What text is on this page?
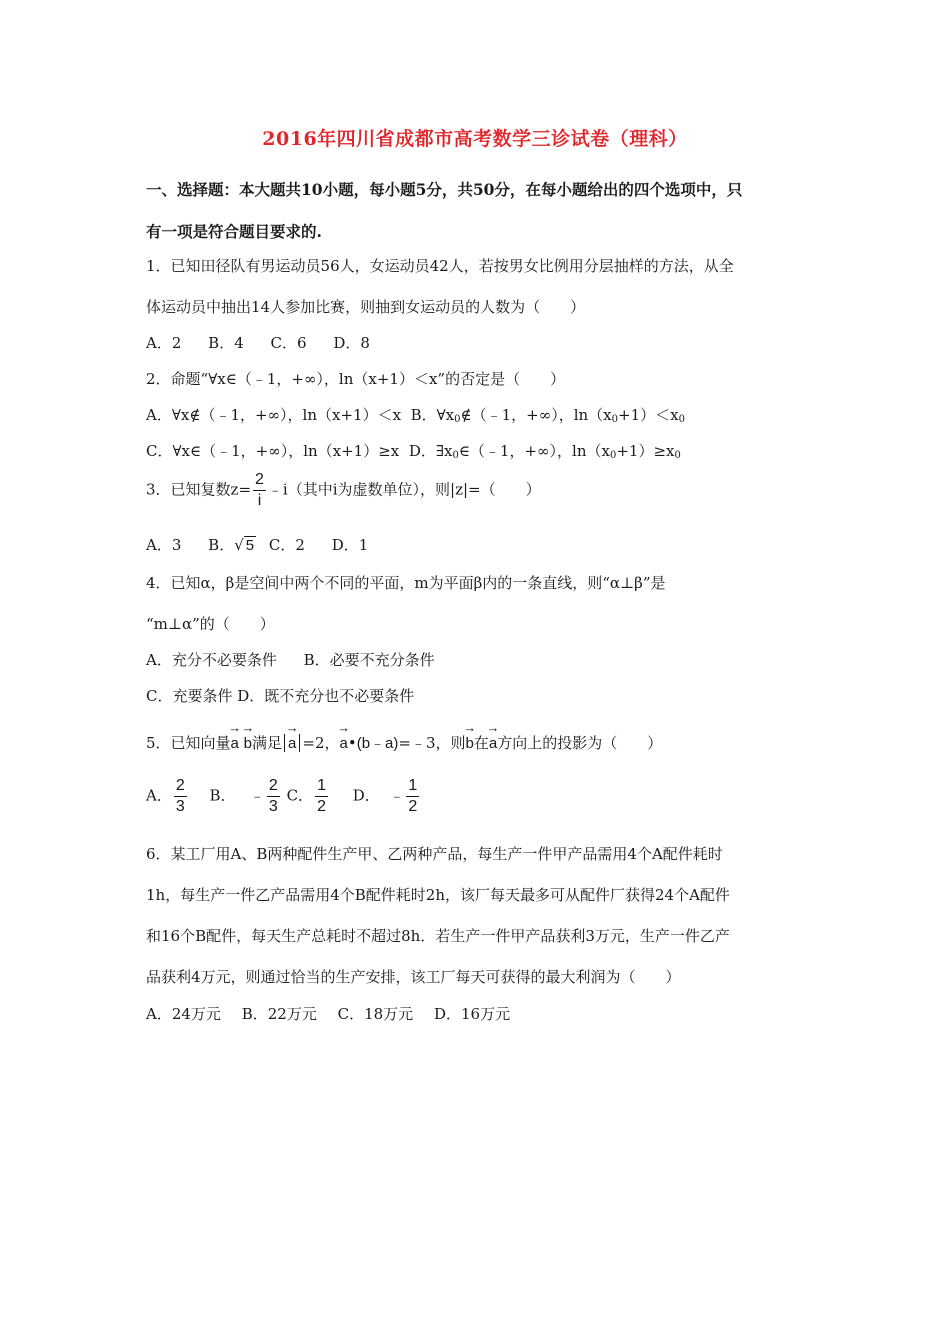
2016年四川省成都市高考数学三诊试卷（理科）
一、选择题：本大题共10小题，每小题5分，共50分，在每小题给出的四个选项中，只
有一项是符合题目要求的.
1．已知田径队有男运动员56人，女运动员42人，若按男女比例用分层抽样的方法，从全
体运动员中抽出14人参加比赛，则抽到女运动员的人数为（　　）
A．2 B．4 C．6 D．8
2．命题“∀x∈（﹣1，+∞），ln（x+1）＜x”的否定是（　　）
A．∀x∉（﹣1，+∞），ln（x+1）＜x B．$\forall x_0\notin(﹣1$，+∞），$\ln(x_0+1)<x_0$
C．∀x∈（﹣1，+∞），ln（x+1）≥x D．$\exists x_0\in(﹣1$，+∞），$\ln(x_0+1)\ge x_0$
3．已知复数$z= \frac{2}{i}$ ﹣i（其中i为虚数单位），则|z|=（　　）
A．3 B．√ 5 C．2 D．1
4．已知α，β是空间中两个不同的平面，m为平面β内的一条直线，则“α⊥β”是
“m⊥α”的（　　）
A．充分不必要条件 B．必要不充分条件
C．充要条件 D．既不充分也不必要条件
5．已知向量→ a → b满足 → a =2，→ a•(b﹣a)=﹣3，则→ b在→ a方向上的投影为（　　）
A． $\frac{2}{3}$ B． ﹣ $\frac{2}{3}$ C． $\frac{1}{2}$ D． ﹣ $\frac{1}{2}$
6．某工厂用A、B两种配件生产甲、乙两种产品，每生产一件甲产品需用4个A配件耗时
1h，每生产一件乙产品需用4个B配件耗时2h，该厂每天最多可从配件厂获得24个A配件
和16个B配件，每天生产总耗时不超过8h．若生产一件甲产品获利3万元，生产一件乙产
品获利4万元，则通过恰当的生产安排，该工厂每天可获得的最大利润为（　　）
A．24万元 B．22万元 C．18万元 D．16万元
